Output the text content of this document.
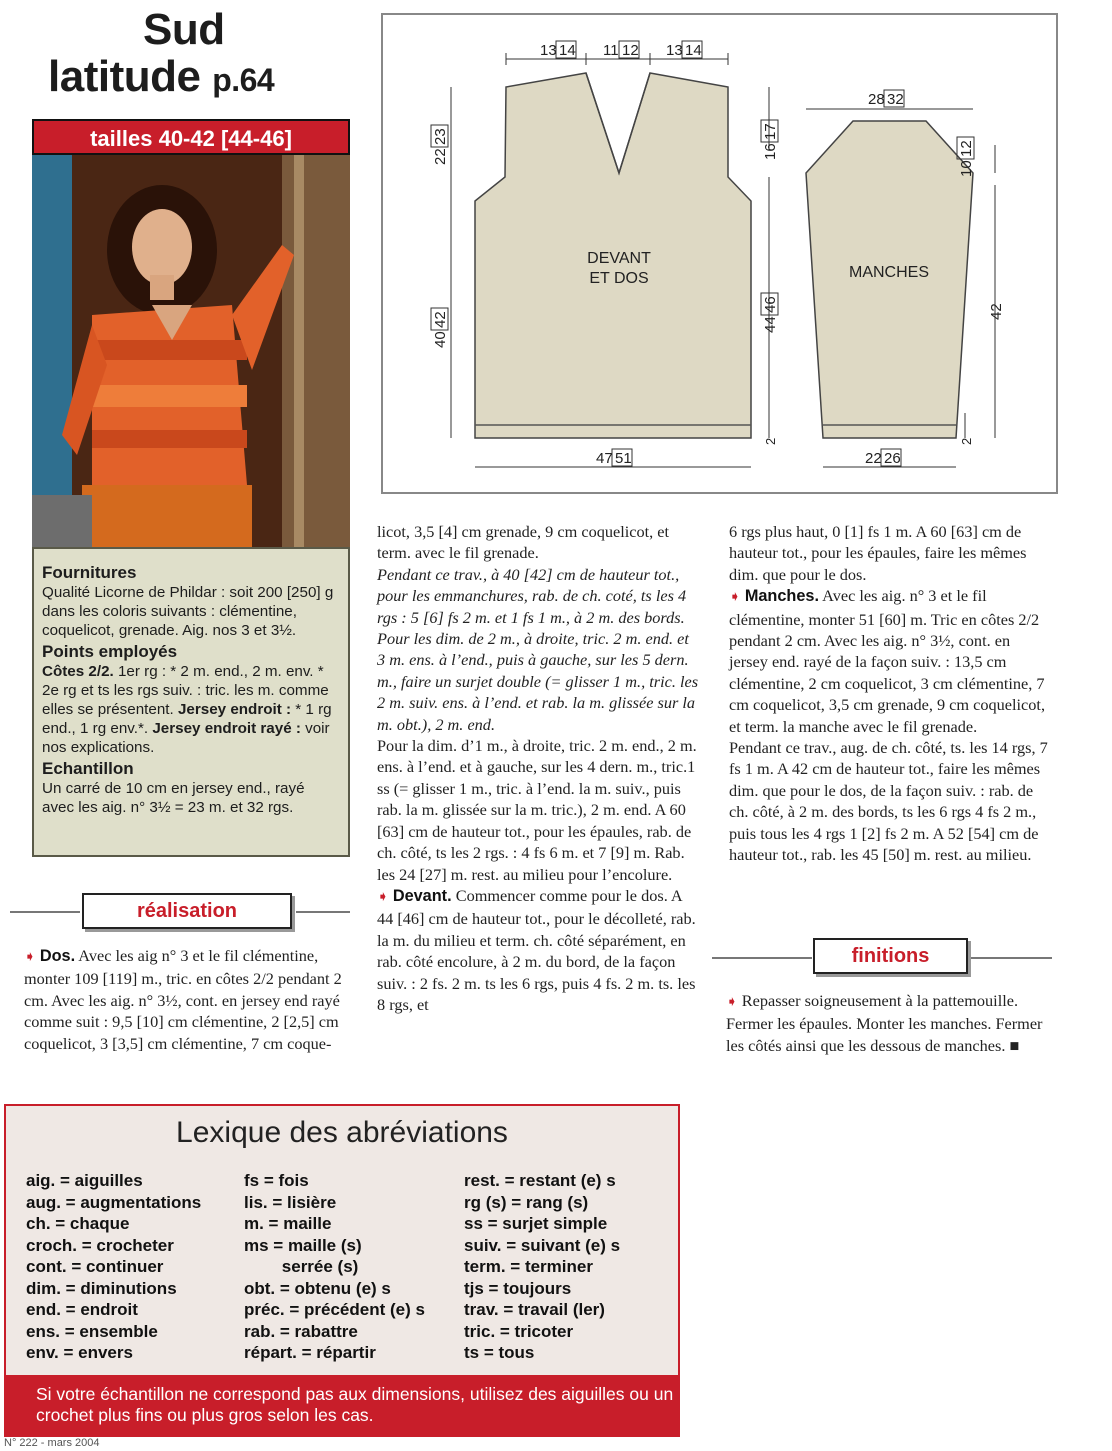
Sud
latitude p.64
tailles 40-42 [44-46]
Fournitures

Qualité Licorne de Phildar : soit 200 [250] g dans les coloris suivants : clémentine, coquelicot, grenade. Aig. nos 3 et 3½.

Points employés

Côtes 2/2. 1er rg : * 2 m. end., 2 m. env. * 2e rg et ts les rgs suiv. : tric. les m. comme elles se présentent. Jersey endroit : * 1 rg end., 1 rg env.*. Jersey endroit rayé : voir nos explications.

Echantillon

Un carré de 10 cm en jersey end., rayé avec les aig. n° 3½ = 23 m. et 32 rgs.

réalisation

➧ Dos. Avec les aig n° 3 et le fil clémentine, monter 109 [119] m., tric. en côtes 2/2 pendant 2 cm. Avec les aig. n° 3½, cont. en jersey end rayé comme suit : 9,5 [10] cm clémentine, 2 [2,5] cm coquelicot, 3 [3,5] cm clémentine, 7 cm coque-

DEVANT
ET DOS	MANCHES
13 14 11 12 13 14
28 32
47 51	22 26
22
23
40
42
16
17
44
46
2
10
12
42
2

licot, 3,5 [4] cm grenade, 9 cm coquelicot, et term. avec le fil grenade.

Pendant ce trav., à 40 [42] cm de hauteur tot., pour les emmanchures, rab. de ch. coté, ts les 4 rgs : 5 [6] fs 2 m. et 1 fs 1 m., à 2 m. des bords. Pour les dim. de 2 m., à droite, tric. 2 m. end. et 3 m. ens. à l’end., puis à gauche, sur les 5 dern. m., faire un surjet double (= glisser 1 m., tric. les 2 m. suiv. ens. à l’end. et rab. la m. glissée sur la m. obt.), 2 m. end.

Pour la dim. d’1 m., à droite, tric. 2 m. end., 2 m. ens. à l’end. et à gauche, sur les 4 dern. m., tric.1 ss (= glisser 1 m., tric. à l’end. la m. suiv., puis rab. la m. glissée sur la m. tric.), 2 m. end. A 60 [63] cm de hauteur tot., pour les épaules, rab. de ch. côté, ts les 2 rgs. : 4 fs 6 m. et 7 [9] m. Rab. les 24 [27] m. rest. au milieu pour l’encolure.

➧ Devant. Commencer comme pour le dos. A 44 [46] cm de hauteur tot., pour le décolleté, rab. la m. du milieu et term. ch. côté séparément, en rab. côté encolure, à 2 m. du bord, de la façon suiv. : 2 fs. 2 m. ts les 6 rgs, puis 4 fs. 2 m. ts. les 8 rgs, et

6 rgs plus haut, 0 [1] fs 1 m. A 60 [63] cm de hauteur tot., pour les épaules, faire les mêmes dim. que pour le dos.

➧ Manches. Avec les aig. n° 3 et le fil clémentine, monter 51 [60] m. Tric en côtes 2/2 pendant 2 cm. Avec les aig. n° 3½, cont. en jersey end. rayé de la façon suiv. : 13,5 cm clémentine, 2 cm coquelicot, 3 cm clémentine, 7 cm coquelicot, 3,5 cm grenade, 9 cm coquelicot, et term. la manche avec le fil grenade.

Pendant ce trav., aug. de ch. côté, ts. les 14 rgs, 7 fs 1 m. A 42 cm de hauteur tot., faire les mêmes dim. que pour le dos, de la façon suiv. : rab. de ch. côté, à 2 m. des bords, ts les 6 rgs 4 fs 2 m., puis tous les 4 rgs 1 [2] fs 2 m. A 52 [54] cm de hauteur tot., rab. les 45 [50] m. rest. au milieu.

finitions

➧ Repasser soigneusement à la pattemouille. Fermer les épaules. Monter les manches. Fermer les côtés ainsi que les dessous de manches. ■

Lexique des abréviations
aig. = aiguilles
aug. = augmentations
ch. = chaque
croch. = crocheter
cont. = continuer
dim. = diminutions
end. = endroit
ens. = ensemble
env. = envers
fs = fois
lis. = lisière
m. = maille
ms = maille (s)
serrée (s)
obt. = obtenu (e) s
préc. = précédent (e) s
rab. = rabattre
répart. = répartir
rest. = restant (e) s
rg (s) = rang (s)
ss = surjet simple
suiv. = suivant (e) s
term. = terminer
tjs = toujours
trav. = travail (ler)
tric. = tricoter
ts = tous
Si votre échantillon ne correspond pas aux dimensions, utilisez des aiguilles ou un crochet plus fins ou plus gros selon les cas.
N° 222 - mars 2004
